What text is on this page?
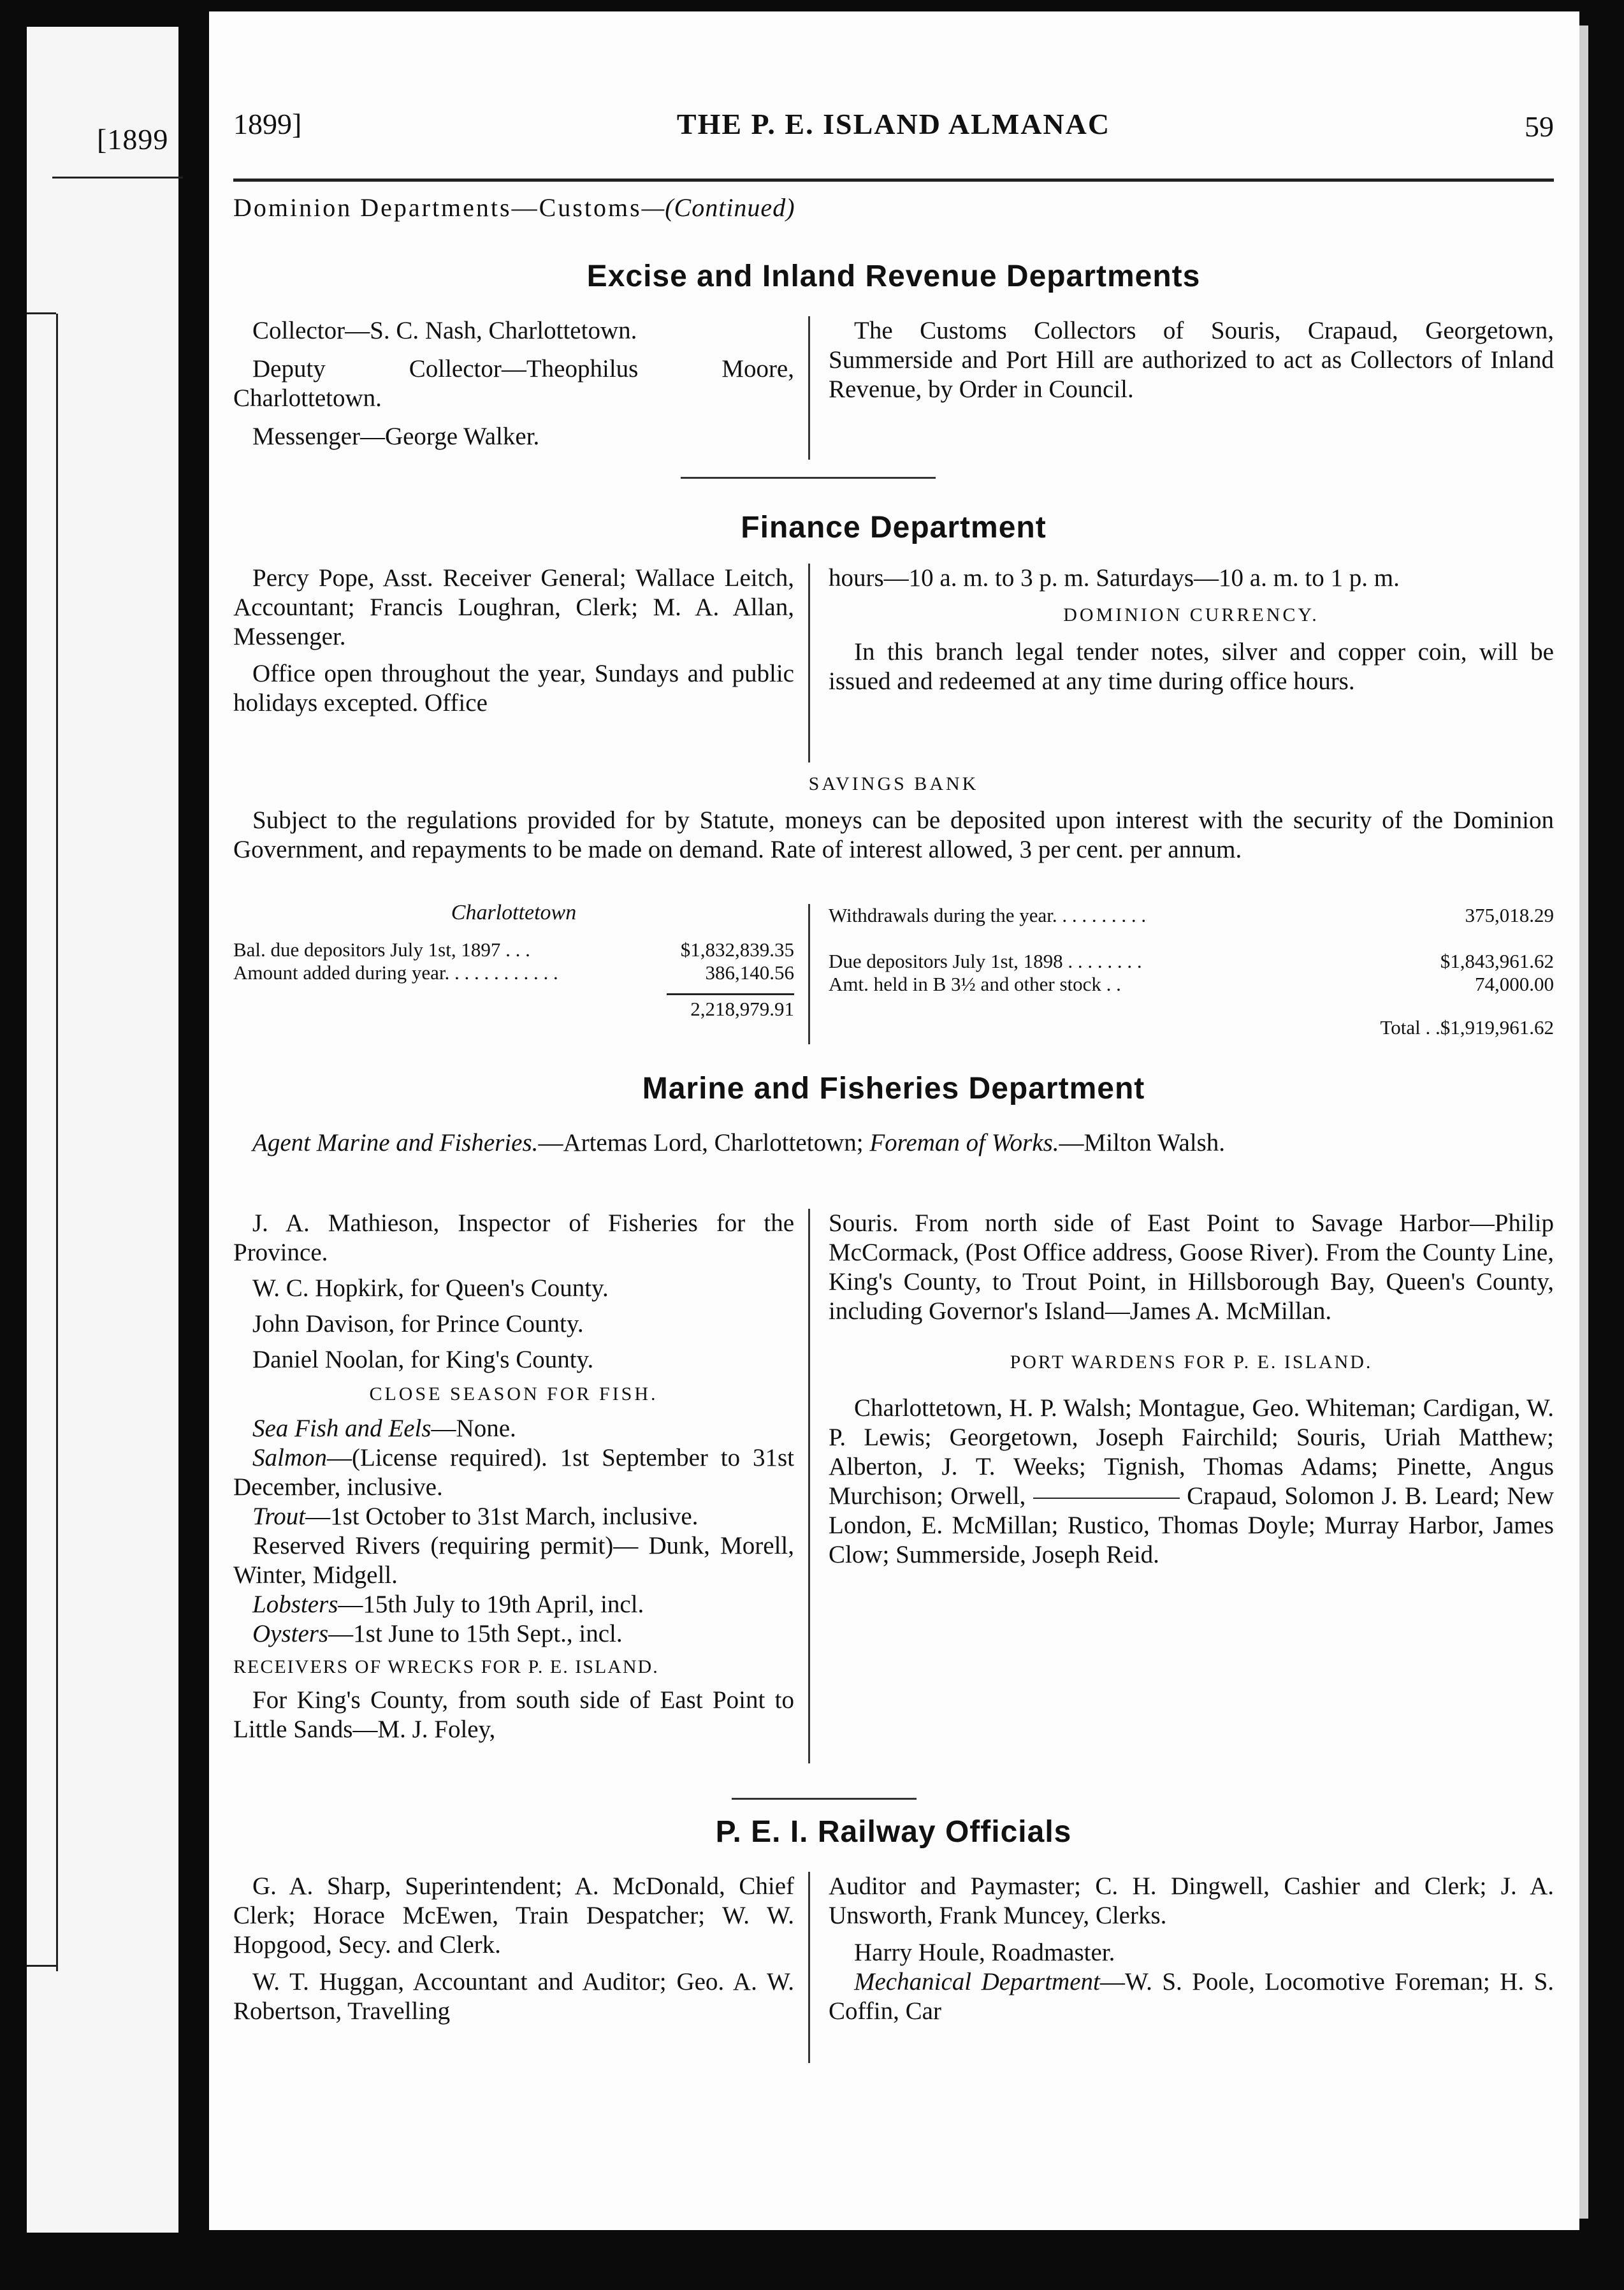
[1899 1899]	THE P. E. ISLAND ALMANAC	59
Dominion Departments—Customs—(Continued)
Excise and Inland Revenue Departments

Collector—S. C. Nash, Charlottetown.

Deputy Collector—Theophilus Moore, Charlottetown.

Messenger—George Walker.

The Customs Collectors of Souris, Crapaud, Georgetown, Summerside and Port Hill are authorized to act as Collectors of Inland Revenue, by Order in Council.

Finance Department

Percy Pope, Asst. Receiver General; Wallace Leitch, Accountant; Francis Loughran, Clerk; M. A. Allan, Messenger.

Office open throughout the year, Sundays and public holidays excepted. Office

hours—10 a. m. to 3 p. m. Saturdays—10 a. m. to 1 p. m.

DOMINION CURRENCY.

In this branch legal tender notes, silver and copper coin, will be issued and redeemed at any time during office hours.

SAVINGS BANK

Subject to the regulations provided for by Statute, moneys can be deposited upon interest with the security of the Dominion Government, and repayments to be made on demand. Rate of interest allowed, 3 per cent. per annum.

Charlottetown
Bal. due depositors July 1st, 1897 . . .	$1,832,839.35
Amount added during year. . . . . . . . . . . .	386,140.56
2,218,979.91
Withdrawals during the year. . . . . . . . . .	375,018.29
Due depositors July 1st, 1898 . . . . . . . .	$1,843,961.62
Amt. held in B 3½ and other stock . .	74,000.00
Total . . $1,919,961.62
Marine and Fisheries Department

Agent Marine and Fisheries.—Artemas Lord, Charlottetown; Foreman of Works.—Milton Walsh.

J. A. Mathieson, Inspector of Fisheries for the Province.

W. C. Hopkirk, for Queen's County.

John Davison, for Prince County.

Daniel Noolan, for King's County.

CLOSE SEASON FOR FISH.

Sea Fish and Eels—None.

Salmon—(License required). 1st September to 31st December, inclusive.

Trout—1st October to 31st March, inclusive.

Reserved Rivers (requiring permit)— Dunk, Morell, Winter, Midgell.

Lobsters—15th July to 19th April, incl.

Oysters—1st June to 15th Sept., incl.

RECEIVERS OF WRECKS FOR P. E. ISLAND.

For King's County, from south side of East Point to Little Sands—M. J. Foley,

Souris. From north side of East Point to Savage Harbor—Philip McCormack, (Post Office address, Goose River). From the County Line, King's County, to Trout Point, in Hillsborough Bay, Queen's County, including Governor's Island—James A. McMillan.

PORT WARDENS FOR P. E. ISLAND.

Charlottetown, H. P. Walsh; Montague, Geo. Whiteman; Cardigan, W. P. Lewis; Georgetown, Joseph Fairchild; Souris, Uriah Matthew; Alberton, J. T. Weeks; Tignish, Thomas Adams; Pinette, Angus Murchison; Orwell,	Crapaud, Solomon J. B. Leard; New London, E. McMillan; Rustico, Thomas Doyle; Murray Harbor, James Clow; Summerside, Joseph Reid.

P. E. I. Railway Officials

G. A. Sharp, Superintendent; A. McDonald, Chief Clerk; Horace McEwen, Train Despatcher; W. W. Hopgood, Secy. and Clerk.

W. T. Huggan, Accountant and Auditor; Geo. A. W. Robertson, Travelling

Auditor and Paymaster; C. H. Dingwell, Cashier and Clerk; J. A. Unsworth, Frank Muncey, Clerks.

Harry Houle, Roadmaster.

Mechanical Department—W. S. Poole, Locomotive Foreman; H. S. Coffin, Car
